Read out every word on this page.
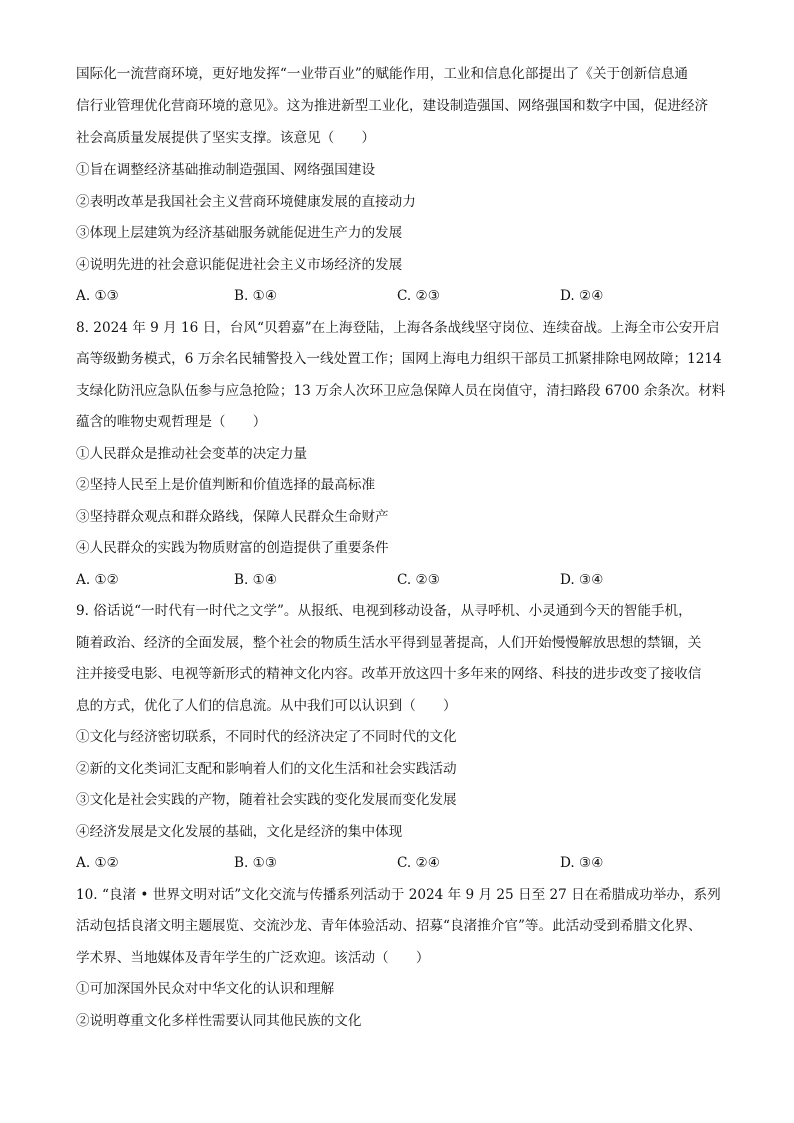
国际化一流营商环境，更好地发挥“一业带百业”的赋能作用，工业和信息化部提出了《关于创新信息通
信行业管理优化营商环境的意见》。这为推进新型工业化，建设制造强国、网络强国和数字中国，促进经济
社会高质量发展提供了坚实支撑。该意见（　　）
①旨在调整经济基础推动制造强国、网络强国建设
②表明改革是我国社会主义营商环境健康发展的直接动力
③体现上层建筑为经济基础服务就能促进生产力的发展
④说明先进的社会意识能促进社会主义市场经济的发展
A. ①③	B. ①④	C. ②③	D. ②④
8. 2024 年 9 月 16 日，台风“贝碧嘉”在上海登陆，上海各条战线坚守岗位、连续奋战。上海全市公安开启
高等级勤务模式，6 万余名民辅警投入一线处置工作；国网上海电力组织干部员工抓紧排除电网故障；1214
支绿化防汛应急队伍参与应急抢险；13 万余人次环卫应急保障人员在岗值守，清扫路段 6700 余条次。材料
蕴含的唯物史观哲理是（　　）
①人民群众是推动社会变革的决定力量
②坚持人民至上是价值判断和价值选择的最高标准
③坚持群众观点和群众路线，保障人民群众生命财产
④人民群众的实践为物质财富的创造提供了重要条件
A. ①②	B. ①④	C. ②③	D. ③④
9. 俗话说“一时代有一时代之文学”。从报纸、电视到移动设备，从寻呼机、小灵通到今天的智能手机，
随着政治、经济的全面发展，整个社会的物质生活水平得到显著提高，人们开始慢慢解放思想的禁锢，关
注并接受电影、电视等新形式的精神文化内容。改革开放这四十多年来的网络、科技的进步改变了接收信
息的方式，优化了人们的信息流。从中我们可以认识到（　　）
①文化与经济密切联系，不同时代的经济决定了不同时代的文化
②新的文化类词汇支配和影响着人们的文化生活和社会实践活动
③文化是社会实践的产物，随着社会实践的变化发展而变化发展
④经济发展是文化发展的基础，文化是经济的集中体现
A. ①②	B. ①③	C. ②④	D. ③④
10. “良渚 • 世界文明对话”文化交流与传播系列活动于 2024 年 9 月 25 日至 27 日在希腊成功举办，系列
活动包括良渚文明主题展览、交流沙龙、青年体验活动、招募“良渚推介官”等。此活动受到希腊文化界、
学术界、当地媒体及青年学生的广泛欢迎。该活动（　　）
①可加深国外民众对中华文化的认识和理解
②说明尊重文化多样性需要认同其他民族的文化
